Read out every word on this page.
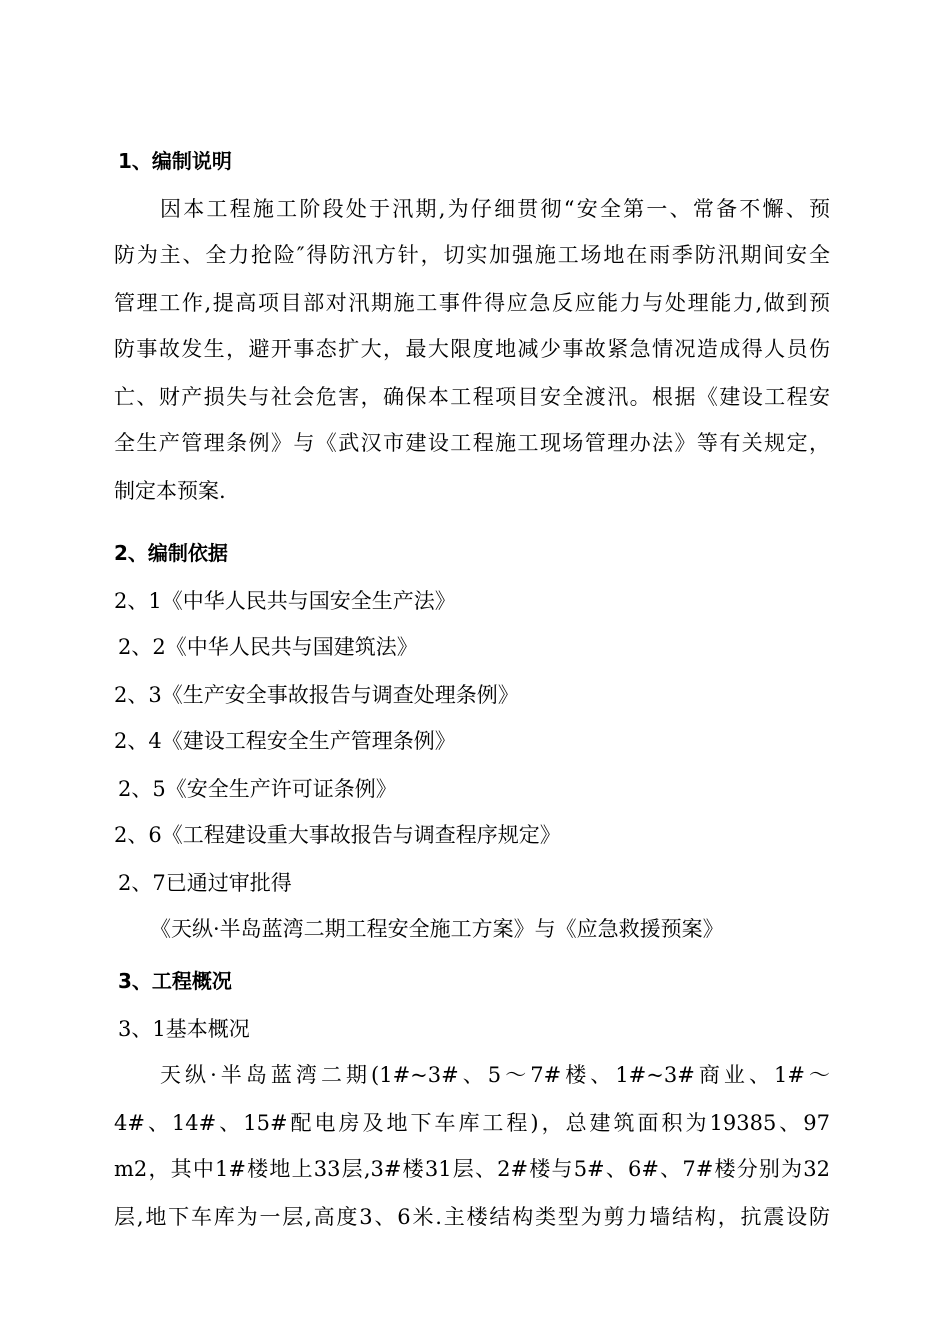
1、编制说明
因本工程施工阶段处于汛期,为仔细贯彻“安全第一、常备不懈、预
防为主、全力抢险″得防汛方针，切实加强施工场地在雨季防汛期间安全
管理工作,提高项目部对汛期施工事件得应急反应能力与处理能力,做到预
防事故发生，避开事态扩大，最大限度地减少事故紧急情况造成得人员伤
亡、财产损失与社会危害，确保本工程项目安全渡汛。根据《建设工程安
全生产管理条例》与《武汉市建设工程施工现场管理办法》等有关规定，
制定本预案.
2、编制依据
2、1《中华人民共与国安全生产法》
2、2《中华人民共与国建筑法》
2、3《生产安全事故报告与调查处理条例》
2、4《建设工程安全生产管理条例》
2、5《安全生产许可证条例》
2、6《工程建设重大事故报告与调查程序规定》
2、7已通过审批得
《天纵·半岛蓝湾二期工程安全施工方案》与《应急救援预案》
3、工程概况
3、1基本概况
天纵·半岛蓝湾二期(1#~3#、5～7#楼、1#~3#商业、1#～
4#、14#、15#配电房及地下车库工程)，总建筑面积为19385、97
m2，其中1#楼地上33层,3#楼31层、2#楼与5#、6#、7#楼分别为32
层,地下车库为一层,高度3、6米.主楼结构类型为剪力墙结构，抗震设防
